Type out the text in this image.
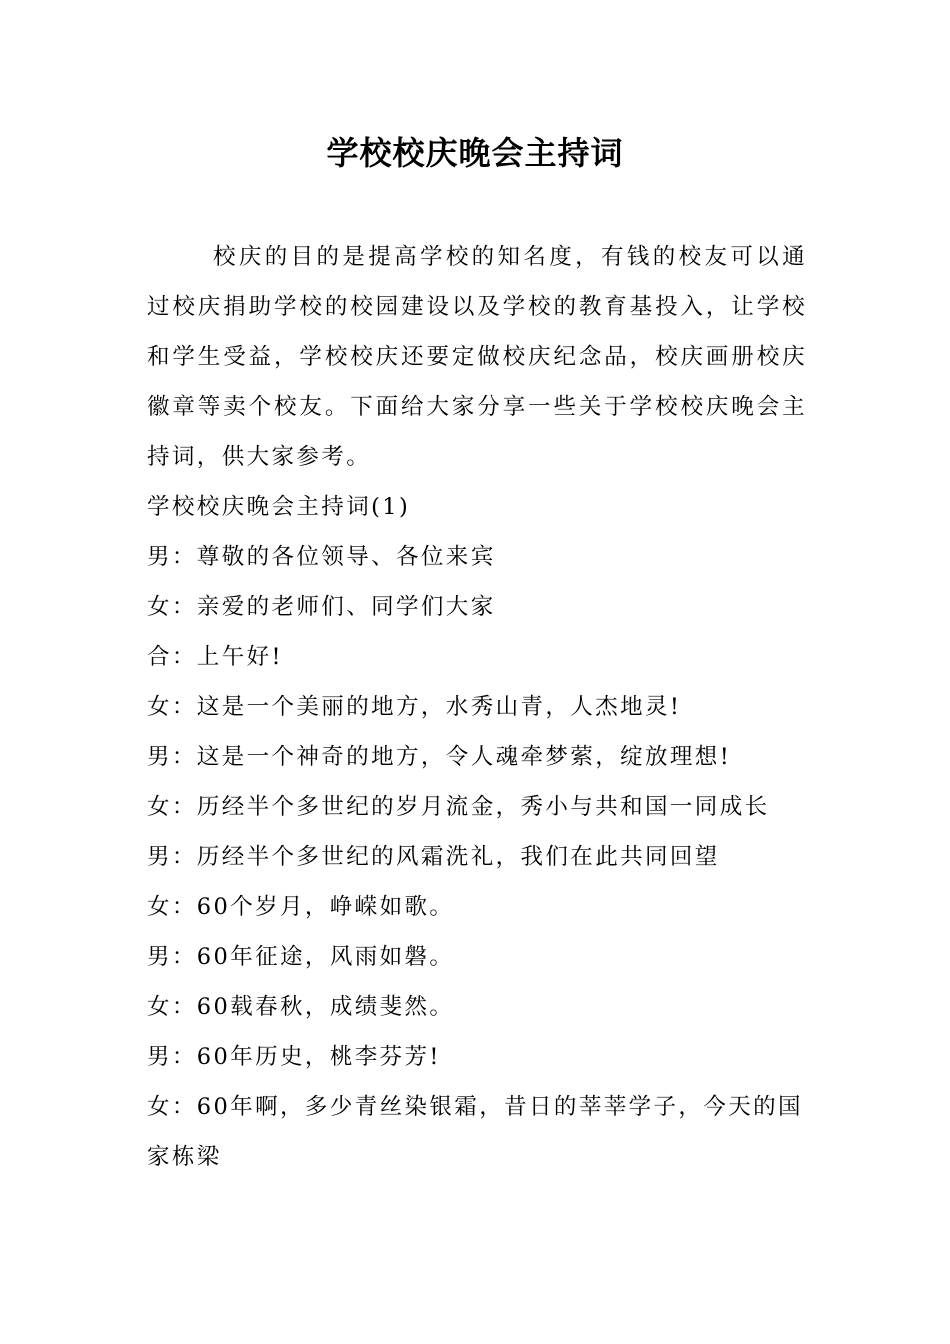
学校校庆晚会主持词

校庆的目的是提高学校的知名度，有钱的校友可以通过校庆捐助学校的校园建设以及学校的教育基投入，让学校和学生受益，学校校庆还要定做校庆纪念品，校庆画册校庆徽章等卖个校友。下面给大家分享一些关于学校校庆晚会主持词，供大家参考。

学校校庆晚会主持词(1)

男：尊敬的各位领导、各位来宾

女：亲爱的老师们、同学们大家

合：上午好!

女：这是一个美丽的地方，水秀山青，人杰地灵!

男：这是一个神奇的地方，令人魂牵梦萦，绽放理想!

女：历经半个多世纪的岁月流金，秀小与共和国一同成长

男：历经半个多世纪的风霜洗礼，我们在此共同回望

女：60个岁月，峥嵘如歌。

男：60年征途，风雨如磐。

女：60载春秋，成绩斐然。

男：60年历史，桃李芬芳!

女：60年啊，多少青丝染银霜，昔日的莘莘学子，今天的国家栋梁
